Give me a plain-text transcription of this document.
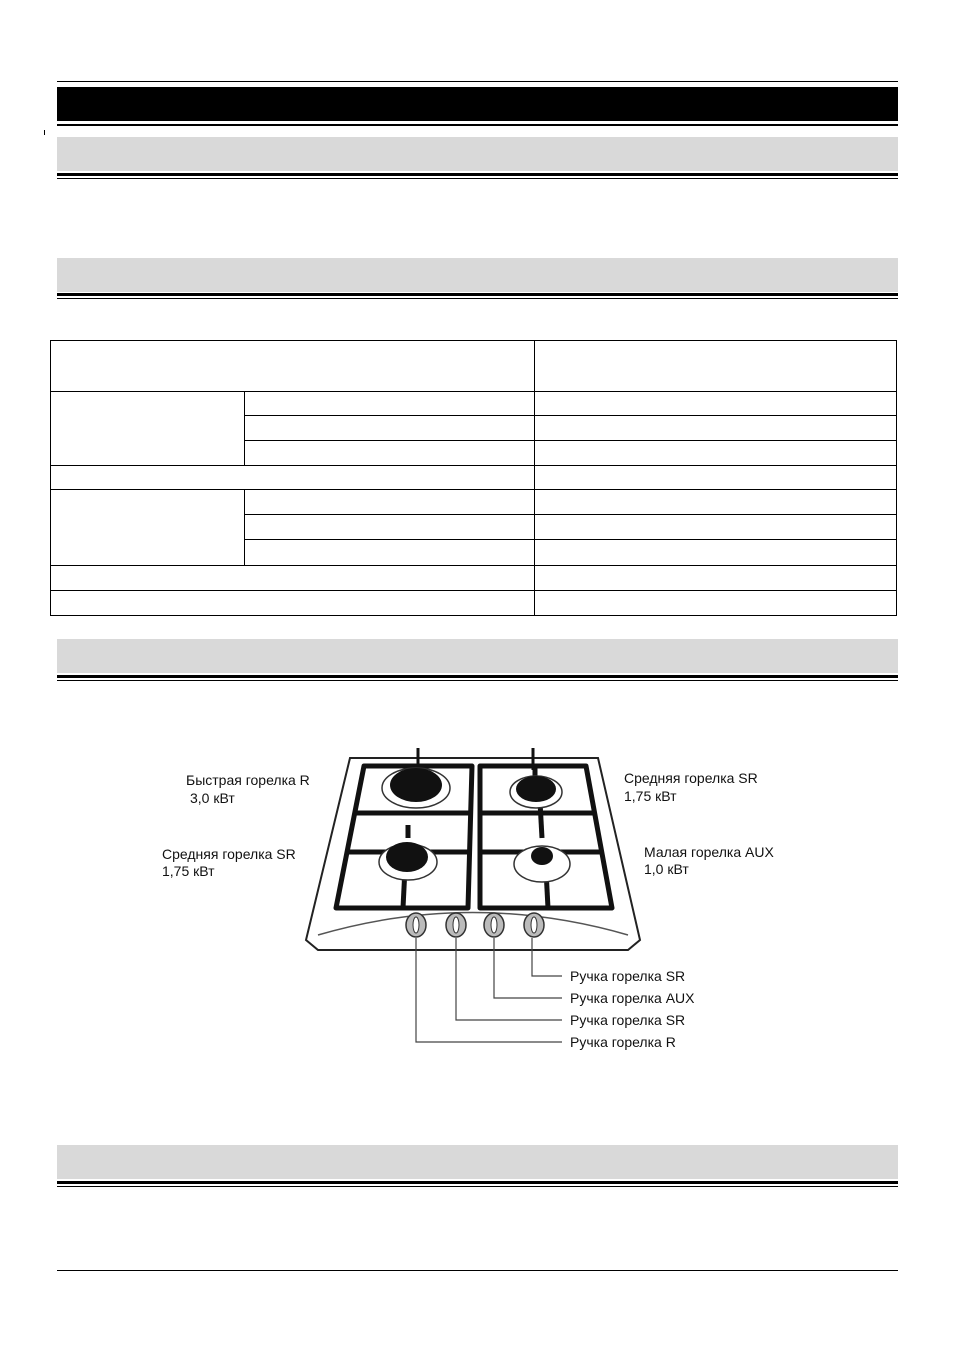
Быстрая горелка R
3,0 кВт
Средняя горелка SR
1,75 кВт
Средняя горелка SR
1,75 кВт
Малая горелка AUX
1,0 кВт
Ручка горелка SR
Ручка горелка AUX
Ручка горелка SR
Ручка горелка R
